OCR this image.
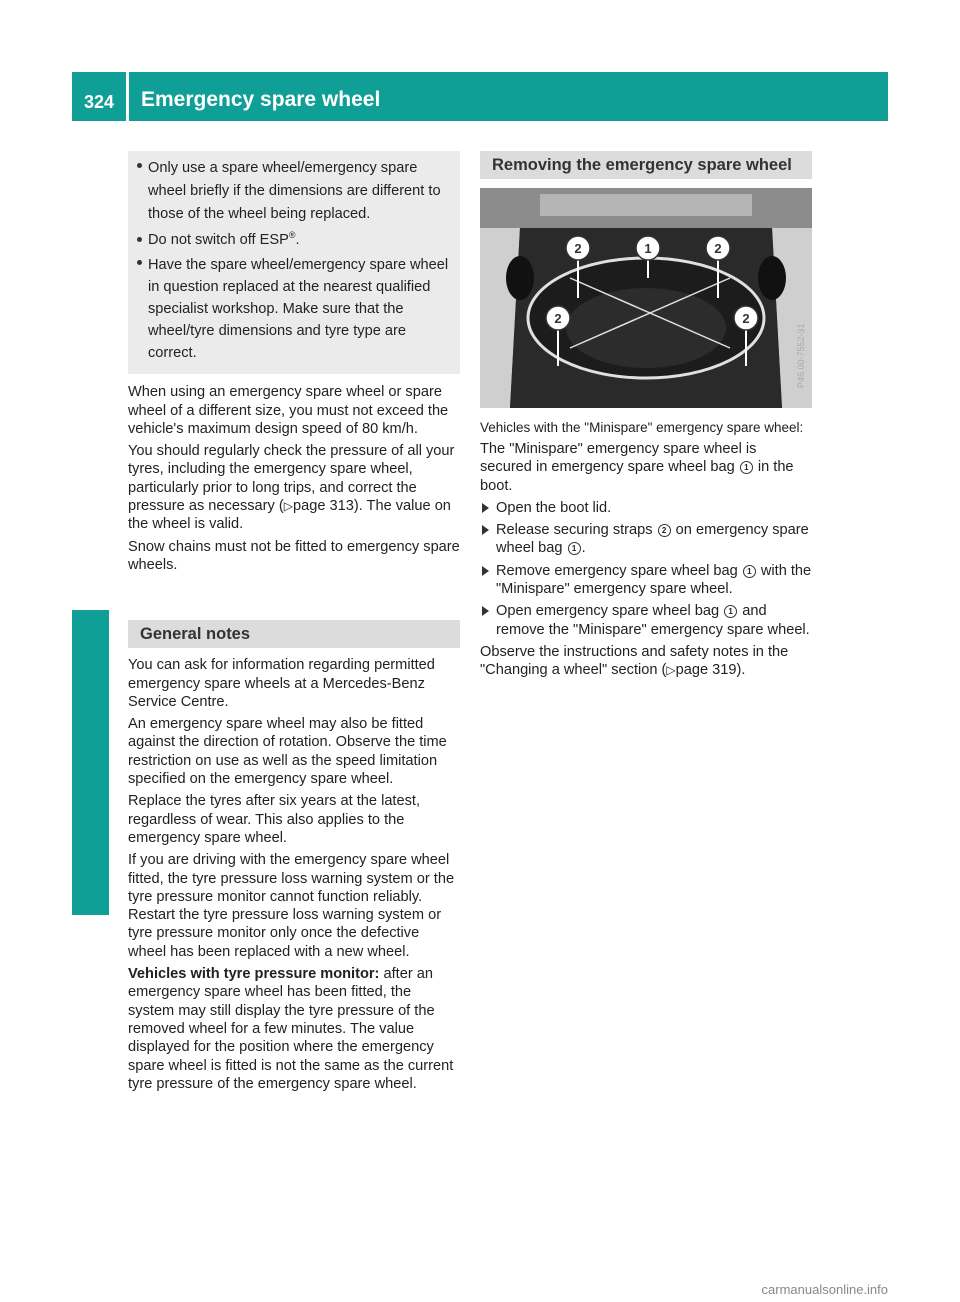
324	Emergency spare wheel
Wheels and tyres
Only use a spare wheel/emergency spare wheel briefly if the dimensions are different to those of the wheel being replaced.
Do not switch off ESP®.
Have the spare wheel/emergency spare wheel in question replaced at the nearest qualified specialist workshop. Make sure that the wheel/tyre dimensions and tyre type are correct.

When using an emergency spare wheel or spare wheel of a different size, you must not exceed the vehicle's maximum design speed of 80 km/h.

You should regularly check the pressure of all your tyres, including the emergency spare wheel, particularly prior to long trips, and correct the pressure as necessary (▷page 313). The value on the wheel is valid.

Snow chains must not be fitted to emergency spare wheels.

General notes

You can ask for information regarding permitted emergency spare wheels at a Mercedes-Benz Service Centre.

An emergency spare wheel may also be fitted against the direction of rotation. Observe the time restriction on use as well as the speed limitation specified on the emergency spare wheel.

Replace the tyres after six years at the latest, regardless of wear. This also applies to the emergency spare wheel.

If you are driving with the emergency spare wheel fitted, the tyre pressure loss warning system or the tyre pressure monitor cannot function reliably. Restart the tyre pressure loss warning system or tyre pressure monitor only once the defective wheel has been replaced with a new wheel.

Vehicles with tyre pressure monitor: after an emergency spare wheel has been fitted, the system may still display the tyre pressure of the removed wheel for a few minutes. The value displayed for the position where the emergency spare wheel is fitted is not the same as the current tyre pressure of the emergency spare wheel.

Removing the emergency spare wheel
2	1	2
2	2
P46.00-7552-31

Vehicles with the "Minispare" emergency spare wheel:

The "Minispare" emergency spare wheel is secured in emergency spare wheel bag 1 in the boot.

Open the boot lid.
Release securing straps 2 on emergency spare wheel bag 1 .
Remove emergency spare wheel bag 1 with the "Minispare" emergency spare wheel.
Open emergency spare wheel bag 1 and remove the "Minispare" emergency spare wheel.

Observe the instructions and safety notes in the "Changing a wheel" section (▷page 319).

carmanualsonline.info
